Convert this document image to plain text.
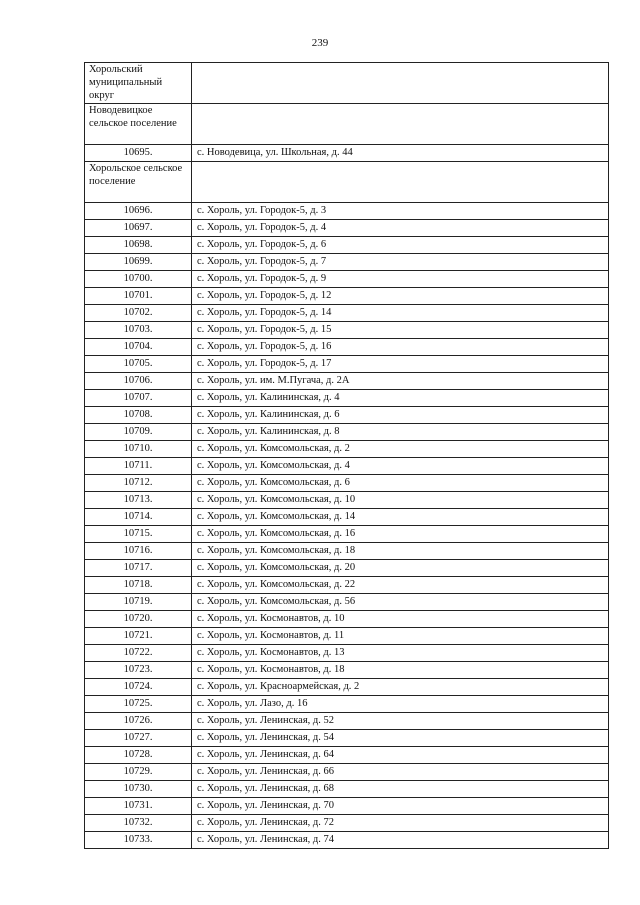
239
Хорольский муниципальный округ	
Новодевицкое сельское поселение	
10695.	с. Новодевица, ул. Школьная, д. 44
Хорольское сельское поселение	
10696.	с. Хороль, ул. Городок-5, д. 3
10697.	с. Хороль, ул. Городок-5, д. 4
10698.	с. Хороль, ул. Городок-5, д. 6
10699.	с. Хороль, ул. Городок-5, д. 7
10700.	с. Хороль, ул. Городок-5, д. 9
10701.	с. Хороль, ул. Городок-5, д. 12
10702.	с. Хороль, ул. Городок-5, д. 14
10703.	с. Хороль, ул. Городок-5, д. 15
10704.	с. Хороль, ул. Городок-5, д. 16
10705.	с. Хороль, ул. Городок-5, д. 17
10706.	с. Хороль, ул. им. М.Пугача, д. 2А
10707.	с. Хороль, ул. Калининская, д. 4
10708.	с. Хороль, ул. Калининская, д. 6
10709.	с. Хороль, ул. Калининская, д. 8
10710.	с. Хороль, ул. Комсомольская, д. 2
10711.	с. Хороль, ул. Комсомольская, д. 4
10712.	с. Хороль, ул. Комсомольская, д. 6
10713.	с. Хороль, ул. Комсомольская, д. 10
10714.	с. Хороль, ул. Комсомольская, д. 14
10715.	с. Хороль, ул. Комсомольская, д. 16
10716.	с. Хороль, ул. Комсомольская, д. 18
10717.	с. Хороль, ул. Комсомольская, д. 20
10718.	с. Хороль, ул. Комсомольская, д. 22
10719.	с. Хороль, ул. Комсомольская, д. 56
10720.	с. Хороль, ул. Космонавтов, д. 10
10721.	с. Хороль, ул. Космонавтов, д. 11
10722.	с. Хороль, ул. Космонавтов, д. 13
10723.	с. Хороль, ул. Космонавтов, д. 18
10724.	с. Хороль, ул. Красноармейская, д. 2
10725.	с. Хороль, ул. Лазо, д. 16
10726.	с. Хороль, ул. Ленинская, д. 52
10727.	с. Хороль, ул. Ленинская, д. 54
10728.	с. Хороль, ул. Ленинская, д. 64
10729.	с. Хороль, ул. Ленинская, д. 66
10730.	с. Хороль, ул. Ленинская, д. 68
10731.	с. Хороль, ул. Ленинская, д. 70
10732.	с. Хороль, ул. Ленинская, д. 72
10733.	с. Хороль, ул. Ленинская, д. 74
